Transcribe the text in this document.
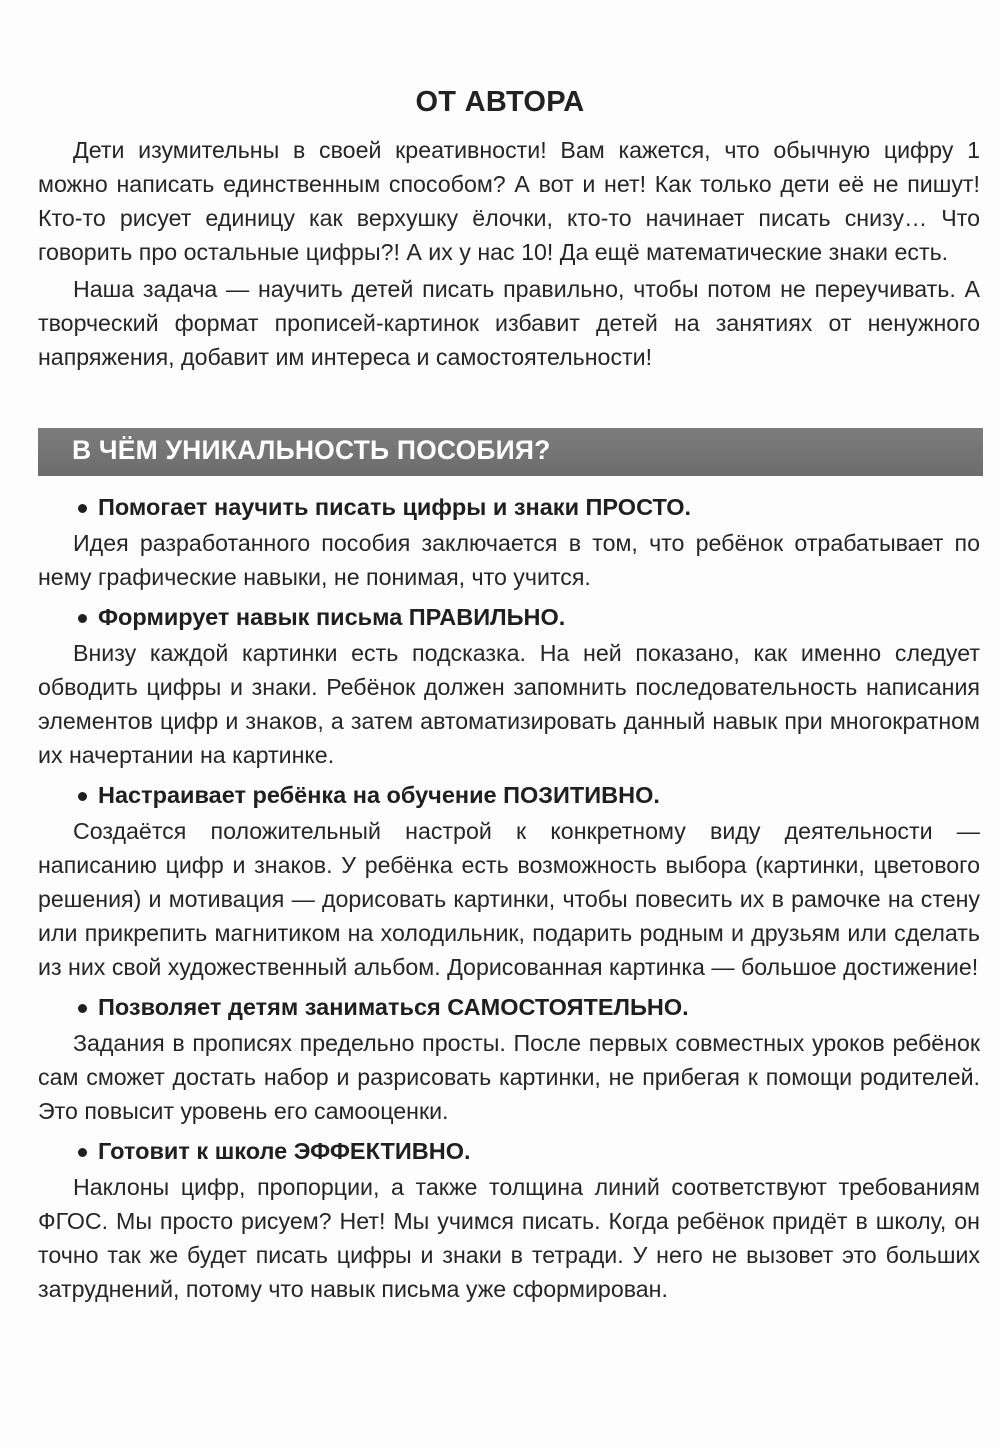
ОТ АВТОРА

Дети изумительны в своей креативности! Вам кажется, что обычную цифру 1 можно написать единственным способом? А вот и нет! Как только дети её не пишут! Кто-то рисует единицу как верхушку ёлочки, кто-то начинает писать снизу… Что говорить про остальные цифры?! А их у нас 10! Да ещё математические знаки есть.

Наша задача — научить детей писать правильно, чтобы потом не переучивать. А творческий формат прописей-картинок избавит детей на занятиях от ненужного напряжения, добавит им интереса и самостоятельности!

В ЧЁМ УНИКАЛЬНОСТЬ ПОСОБИЯ?

Помогает научить писать цифры и знаки ПРОСТО.

Идея разработанного пособия заключается в том, что ребёнок отрабатывает по нему графические навыки, не понимая, что учится.

Формирует навык письма ПРАВИЛЬНО.

Внизу каждой картинки есть подсказка. На ней показано, как именно следует обводить цифры и знаки. Ребёнок должен запомнить последовательность написания элементов цифр и знаков, а затем автоматизировать данный навык при многократном их начертании на картинке.

Настраивает ребёнка на обучение ПОЗИТИВНО.

Создаётся положительный настрой к конкретному виду деятельности — написанию цифр и знаков. У ребёнка есть возможность выбора (картинки, цветового решения) и мотивация — дорисовать картинки, чтобы повесить их в рамочке на стену или прикрепить магнитиком на холодильник, подарить родным и друзьям или сделать из них свой художественный альбом. Дорисованная картинка — большое достижение!

Позволяет детям заниматься САМОСТОЯТЕЛЬНО.

Задания в прописях предельно просты. После первых совместных уроков ребёнок сам сможет достать набор и разрисовать картинки, не прибегая к помощи родителей. Это повысит уровень его самооценки.

Готовит к школе ЭФФЕКТИВНО.

Наклоны цифр, пропорции, а также толщина линий соответствуют требованиям ФГОС. Мы просто рисуем? Нет! Мы учимся писать. Когда ребёнок придёт в школу, он точно так же будет писать цифры и знаки в тетради. У него не вызовет это больших затруднений, потому что навык письма уже сформирован.
